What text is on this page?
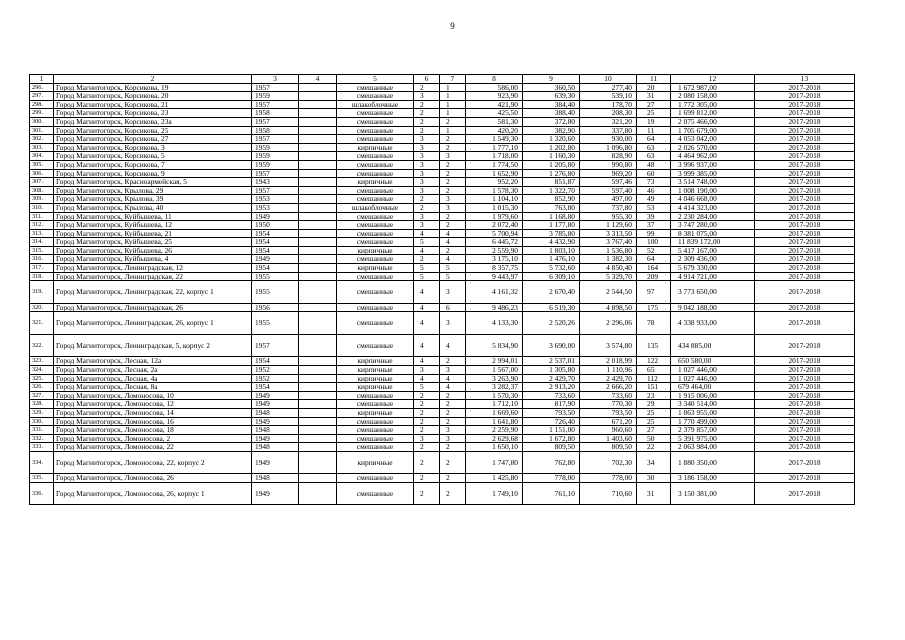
9
1	2	3	4	5	6	7	8	9	10	11	12	13
296.	Город Магнитогорск, Корсикова, 19	1957		смешанные	2	1	586,00	360,50	277,40	20	1 672 987,00	2017-2018
297.	Город Магнитогорск, Корсикова, 20	1959		смешанные	3	1	923,90	639,30	539,10	31	2 080 158,00	2017-2018
298.	Город Магнитогорск, Корсикова, 21	1957		шлакоблочные	2	1	421,90	384,40	178,70	27	1 772 305,00	2017-2018
299.	Город Магнитогорск, Корсикова, 23	1958		смешанные	2	1	425,50	388,40	208,30	25	1 699 812,00	2017-2018
300.	Город Магнитогорск, Корсикова, 23а	1957		смешанные	2	2	581,30	372,80	321,20	19	2 075 466,00	2017-2018
301.	Город Магнитогорск, Корсикова, 25	1958		смешанные	2	1	420,20	382,90	337,80	11	1 705 679,00	2017-2018
302.	Город Магнитогорск, Корсикова, 27	1957		смешанные	3	2	1 549,30	1 320,60	930,00	64	4 053 042,00	2017-2018
303.	Город Магнитогорск, Корсикова, 3	1959		кирпичные	3	2	1 777,10	1 202,80	1 096,80	63	2 026 570,00	2017-2018
304.	Город Магнитогорск, Корсикова, 5	1959		смешанные	3	3	1 718,00	1 160,30	828,90	63	4 464 962,00	2017-2018
305.	Город Магнитогорск, Корсикова, 7	1959		смешанные	3	2	1 774,50	1 205,80	990,80	48	3 996 937,00	2017-2018
306.	Город Магнитогорск, Корсикова, 9	1957		смешанные	3	2	1 652,90	1 276,80	969,20	60	3 999 385,00	2017-2018
307.	Город Магнитогорск, Красноармейская, 5	1943		кирпичные	3	2	952,20	851,87	597,46	73	3 514 748,00	2017-2018
308.	Город Магнитогорск, Крылова, 29	1957		смешанные	3	2	1 578,30	1 322,70	597,40	46	1 008 190,00	2017-2018
309.	Город Магнитогорск, Крылова, 39	1953		смешанные	2	3	1 104,10	852,90	497,00	49	4 046 668,00	2017-2018
310.	Город Магнитогорск, Крылова, 40	1953		шлакоблочные	2	3	1 015,30	763,80	737,80	53	4 414 323,00	2017-2018
311.	Город Магнитогорск, Куйбышева, 11	1949		смешанные	3	2	1 979,60	1 168,80	955,30	39	2 230 284,00	2017-2018
312.	Город Магнитогорск, Куйбышева, 12	1950		смешанные	3	2	2 072,40	1 177,80	1 129,60	37	3 747 280,00	2017-2018
313.	Город Магнитогорск, Куйбышева, 21	1954		смешанные	4	4	5 700,94	3 785,80	3 313,50	99	8 381 075,00	2017-2018
314.	Город Магнитогорск, Куйбышева, 25	1954		смешанные	5	4	6 445,72	4 432,90	3 767,40	100	11 839 172,00	2017-2018
315.	Город Магнитогорск, Куйбышева, 26	1954		кирпичные	4	2	2 559,90	1 803,10	1 536,80	52	5 417 167,00	2017-2018
316.	Город Магнитогорск, Куйбышева, 4	1949		смешанные	2	4	3 175,10	1 476,10	1 382,30	64	2 309 436,00	2017-2018
317.	Город Магнитогорск, Ленинградская, 12	1954		кирпичные	5	5	8 357,75	5 732,60	4 850,40	164	5 679 330,00	2017-2018
318.	Город Магнитогорск, Ленинградская, 22	1955		смешанные	5	5	9 443,97	6 309,10	5 329,70	209	4 914 721,00	2017-2018
319.	Город Магнитогорск, Ленинградская, 22, корпус 1	1955		смешанные	4	3	4 161,32	2 670,40	2 544,50	97	3 773 650,00	2017-2018
320.	Город Магнитогорск, Ленинградская, 26	1956		смешанные	4	6	9 486,23	6 519,30	4 898,50	175	9 042 188,00	2017-2018
321.	Город Магнитогорск, Ленинградская, 26, корпус 1	1955		смешанные	4	3	4 133,30	2 520,26	2 296,06	78	4 338 933,00	2017-2018
322.	Город Магнитогорск, Ленинградская, 5, корпус 2	1957		смешанные	4	4	5 834,90	3 690,00	3 574,80	135	434 885,00	2017-2018
323.	Город Магнитогорск, Лесная, 12а	1954		кирпичные	4	2	2 994,01	2 537,01	2 018,99	122	650 580,00	2017-2018
324.	Город Магнитогорск, Лесная, 2а	1952		кирпичные	3	3	1 567,00	1 305,80	1 110,96	65	1 027 446,00	2017-2018
325.	Город Магнитогорск, Лесная, 4а	1952		кирпичные	4	4	3 263,90	2 429,70	2 429,70	112	1 027 446,00	2017-2018
326.	Город Магнитогорск, Лесная, 8а	1954		кирпичные	5	4	3 282,37	2 913,20	2 666,20	151	679 464,00	2017-2018
327.	Город Магнитогорск, Ломоносова, 10	1949		смешанные	2	2	1 570,30	733,60	733,60	23	1 915 006,00	2017-2018
328.	Город Магнитогорск, Ломоносова, 12	1949		смешанные	2	2	1 712,10	817,90	770,30	29	3 340 514,00	2017-2018
329.	Город Магнитогорск, Ломоносова, 14	1948		кирпичные	2	2	1 669,60	793,50	793,50	25	1 863 955,00	2017-2018
330.	Город Магнитогорск, Ломоносова, 16	1949		смешанные	2	2	1 641,80	726,40	671,20	25	1 770 499,00	2017-2018
331.	Город Магнитогорск, Ломоносова, 18	1948		смешанные	2	3	2 259,90	1 151,00	960,60	27	2 379 857,00	2017-2018
332.	Город Магнитогорск, Ломоносова, 2	1949		смешанные	3	3	2 629,68	1 672,80	1 403,60	50	5 391 975,00	2017-2018
333.	Город Магнитогорск, Ломоносова, 22	1948		смешанные	2	2	1 650,10	809,50	809,50	22	2 063 984,00	2017-2018
334.	Город Магнитогорск, Ломоносова, 22, корпус 2	1949		кирпичные	2	2	1 747,80	762,80	702,30	34	1 880 350,00	2017-2018
335.	Город Магнитогорск, Ломоносова, 26	1948		смешанные	2	2	1 425,80	778,00	778,00	30	3 186 158,00	2017-2018
336.	Город Магнитогорск, Ломоносова, 26, корпус 1	1949		смешанные	2	2	1 749,10	761,10	710,60	31	3 150 381,00	2017-2018
